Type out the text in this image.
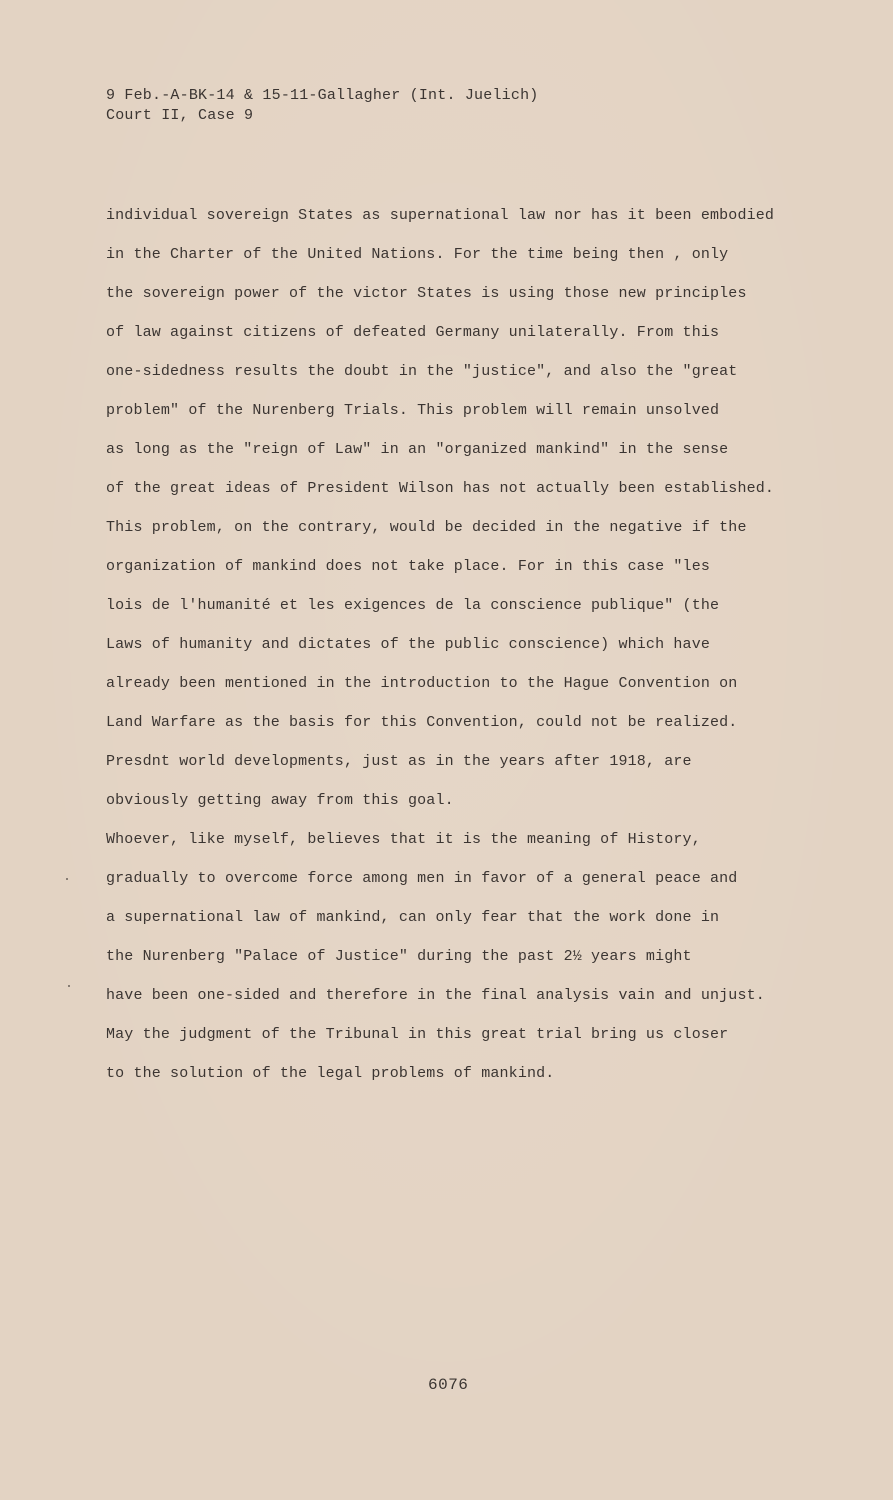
9 Feb.-A-BK-14 & 15-11-Gallagher (Int. Juelich)
Court II, Case 9
individual sovereign States as supernational law nor has it been embodied
in the Charter of the United Nations. For the time being then , only
the sovereign power of the victor States is using those new principles
of law against citizens of defeated Germany unilaterally. From this
one-sidedness results the doubt in the "justice", and also the "great
problem" of the Nurenberg Trials. This problem will remain unsolved
as long as the "reign of Law" in an "organized mankind" in the sense
of the great ideas of President Wilson has not actually been established.
This problem, on the contrary, would be decided in the negative if the
organization of mankind does not take place. For in this case "les
lois de l'humanité et les exigences de la conscience publique" (the
Laws of humanity and dictates of the public conscience) which have
already been mentioned in the introduction to the Hague Convention on
Land Warfare as the basis for this Convention, could not be realized.
Presdnt world developments, just as in the years after 1918, are
obviously getting away from this goal.
Whoever, like myself, believes that it is the meaning of History,
gradually to overcome force among men in favor of a general peace and
a supernational law of mankind, can only fear that the work done in
the Nurenberg "Palace of Justice" during the past 2½ years might
have been one-sided and therefore in the final analysis vain and unjust.
May the judgment of the Tribunal in this great trial bring us closer
to the solution of the legal problems of mankind.
6076
